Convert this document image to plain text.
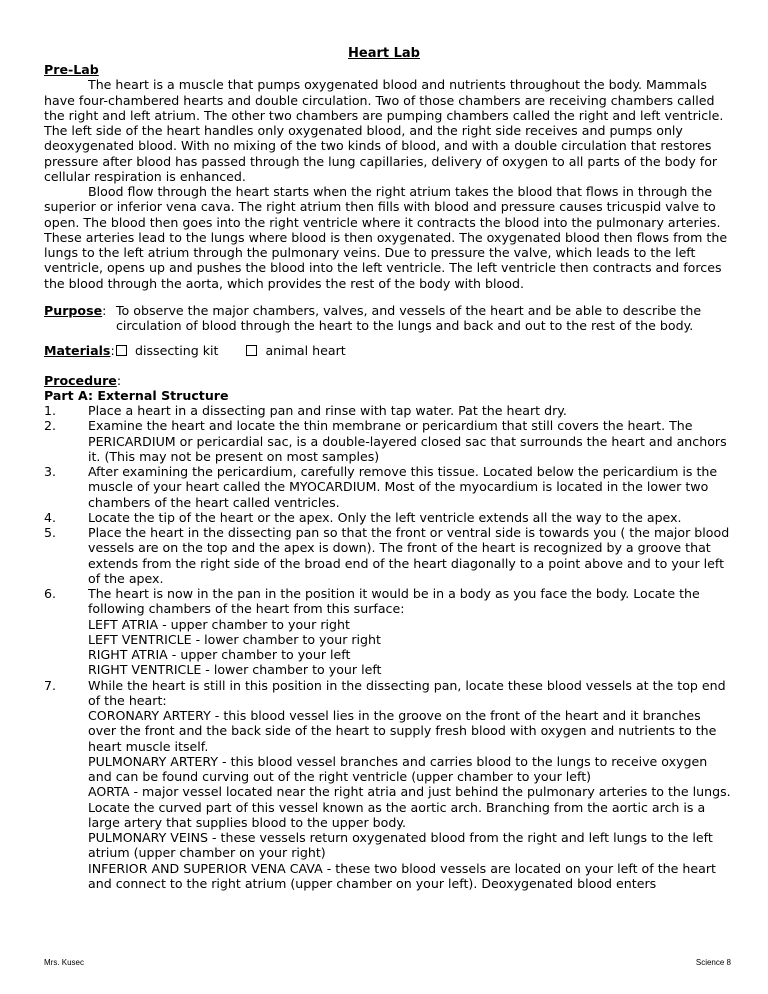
Heart Lab
Pre-Lab

The heart is a muscle that pumps oxygenated blood and nutrients throughout the body. Mammals have four-chambered hearts and double circulation. Two of those chambers are receiving chambers called the right and left atrium. The other two chambers are pumping chambers called the right and left ventricle. The left side of the heart handles only oxygenated blood, and the right side receives and pumps only deoxygenated blood. With no mixing of the two kinds of blood, and with a double circulation that restores pressure after blood has passed through the lung capillaries, delivery of oxygen to all parts of the body for cellular respiration is enhanced.

Blood flow through the heart starts when the right atrium takes the blood that flows in through the superior or inferior vena cava. The right atrium then fills with blood and pressure causes tricuspid valve to open. The blood then goes into the right ventricle where it contracts the blood into the pulmonary arteries. These arteries lead to the lungs where blood is then oxygenated. The oxygenated blood then flows from the lungs to the left atrium through the pulmonary veins. Due to pressure the valve, which leads to the left ventricle, opens up and pushes the blood into the left ventricle. The left ventricle then contracts and forces the blood through the aorta, which provides the rest of the body with blood.

Purpose: To observe the major chambers, valves, and vessels of the heart and be able to describe the circulation of blood through the heart to the lungs and back and out to the rest of the body.
Materials: dissecting kit	animal heart
Procedure:
Part A: External Structure
1.	Place a heart in a dissecting pan and rinse with tap water. Pat the heart dry.
2.	Examine the heart and locate the thin membrane or pericardium that still covers the heart. The PERICARDIUM or pericardial sac, is a double-layered closed sac that surrounds the heart and anchors it. (This may not be present on most samples)
3.	After examining the pericardium, carefully remove this tissue. Located below the pericardium is the muscle of your heart called the MYOCARDIUM. Most of the myocardium is located in the lower two chambers of the heart called ventricles.
4.	Locate the tip of the heart or the apex. Only the left ventricle extends all the way to the apex.
5.	Place the heart in the dissecting pan so that the front or ventral side is towards you ( the major blood vessels are on the top and the apex is down). The front of the heart is recognized by a groove that extends from the right side of the broad end of the heart diagonally to a point above and to your left of the apex.
6.	The heart is now in the pan in the position it would be in a body as you face the body. Locate the following chambers of the heart from this surface:
LEFT ATRIA - upper chamber to your right
LEFT VENTRICLE - lower chamber to your right
RIGHT ATRIA - upper chamber to your left
RIGHT VENTRICLE - lower chamber to your left
7.	While the heart is still in this position in the dissecting pan, locate these blood vessels at the top end of the heart:
CORONARY ARTERY - this blood vessel lies in the groove on the front of the heart and it branches over the front and the back side of the heart to supply fresh blood with oxygen and nutrients to the heart muscle itself.
PULMONARY ARTERY - this blood vessel branches and carries blood to the lungs to receive oxygen and can be found curving out of the right ventricle (upper chamber to your left)
AORTA - major vessel located near the right atria and just behind the pulmonary arteries to the lungs. Locate the curved part of this vessel known as the aortic arch. Branching from the aortic arch is a large artery that supplies blood to the upper body.
PULMONARY VEINS - these vessels return oxygenated blood from the right and left lungs to the left atrium (upper chamber on your right)
INFERIOR AND SUPERIOR VENA CAVA - these two blood vessels are located on your left of the heart and connect to the right atrium (upper chamber on your left). Deoxygenated blood enters
Mrs. Kusec	Science 8
